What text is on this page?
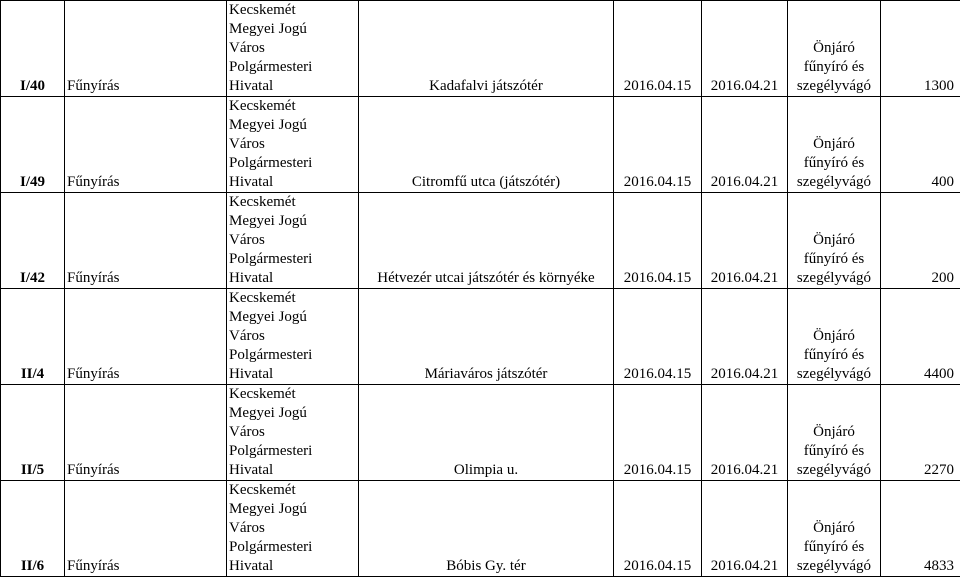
I/40	Fűnyírás	Kecskemét
Megyei Jogú
Város
Polgármesteri
Hivatal	Kadafalvi játszótér	2016.04.15	2016.04.21	Önjáró
fűnyíró és
szegélyvágó	1300
I/49	Fűnyírás	Kecskemét
Megyei Jogú
Város
Polgármesteri
Hivatal	Citromfű utca (játszótér)	2016.04.15	2016.04.21	Önjáró
fűnyíró és
szegélyvágó	400
I/42	Fűnyírás	Kecskemét
Megyei Jogú
Város
Polgármesteri
Hivatal	Hétvezér utcai játszótér és környéke	2016.04.15	2016.04.21	Önjáró
fűnyíró és
szegélyvágó	200
II/4	Fűnyírás	Kecskemét
Megyei Jogú
Város
Polgármesteri
Hivatal	Máriaváros játszótér	2016.04.15	2016.04.21	Önjáró
fűnyíró és
szegélyvágó	4400
II/5	Fűnyírás	Kecskemét
Megyei Jogú
Város
Polgármesteri
Hivatal	Olimpia u.	2016.04.15	2016.04.21	Önjáró
fűnyíró és
szegélyvágó	2270
II/6	Fűnyírás	Kecskemét
Megyei Jogú
Város
Polgármesteri
Hivatal	Bóbis Gy. tér	2016.04.15	2016.04.21	Önjáró
fűnyíró és
szegélyvágó	4833
